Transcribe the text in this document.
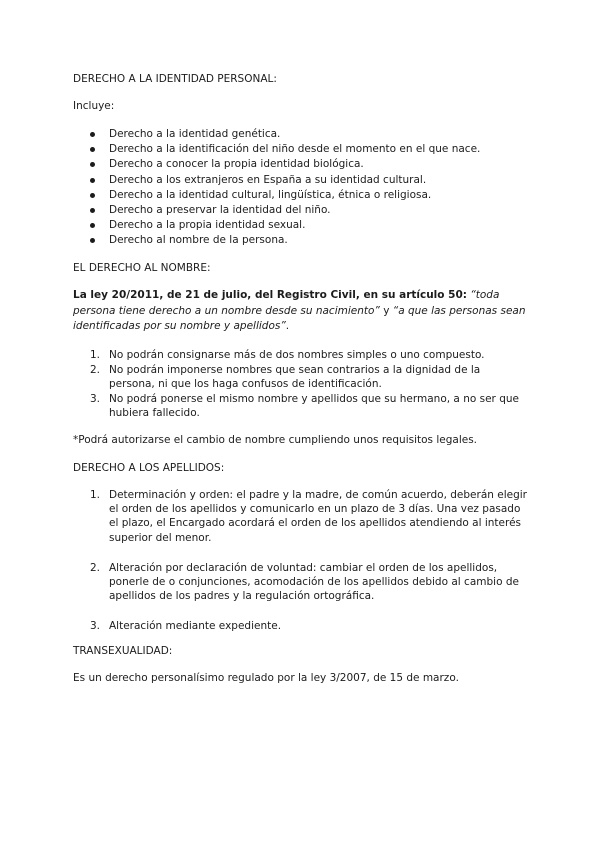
DERECHO A LA IDENTIDAD PERSONAL:

Incluye:

Derecho a la identidad genética.
Derecho a la identificación del niño desde el momento en el que nace.
Derecho a conocer la propia identidad biológica.
Derecho a los extranjeros en España a su identidad cultural.
Derecho a la identidad cultural, lingüística, étnica o religiosa.
Derecho a preservar la identidad del niño.
Derecho a la propia identidad sexual.
Derecho al nombre de la persona.
EL DERECHO AL NOMBRE:

La ley 20/2011, de 21 de julio, del Registro Civil, en su artículo 50: “toda persona tiene derecho a un nombre desde su nacimiento” y “a que las personas sean identificadas por su nombre y apellidos”.

1. No podrán consignarse más de dos nombres simples o uno compuesto.
2. No podrán imponerse nombres que sean contrarios a la dignidad de la persona, ni que los haga confusos de identificación.
3. No podrá ponerse el mismo nombre y apellidos que su hermano, a no ser que hubiera fallecido.

*Podrá autorizarse el cambio de nombre cumpliendo unos requisitos legales.

DERECHO A LOS APELLIDOS:
1. Determinación y orden: el padre y la madre, de común acuerdo, deberán elegir el orden de los apellidos y comunicarlo en un plazo de 3 días. Una vez pasado el plazo, el Encargado acordará el orden de los apellidos atendiendo al interés superior del menor.
2. Alteración por declaración de voluntad: cambiar el orden de los apellidos, ponerle de o conjunciones, acomodación de los apellidos debido al cambio de apellidos de los padres y la regulación ortográfica.
3. Alteración mediante expediente.
TRANSEXUALIDAD:

Es un derecho personalísimo regulado por la ley 3/2007, de 15 de marzo.
